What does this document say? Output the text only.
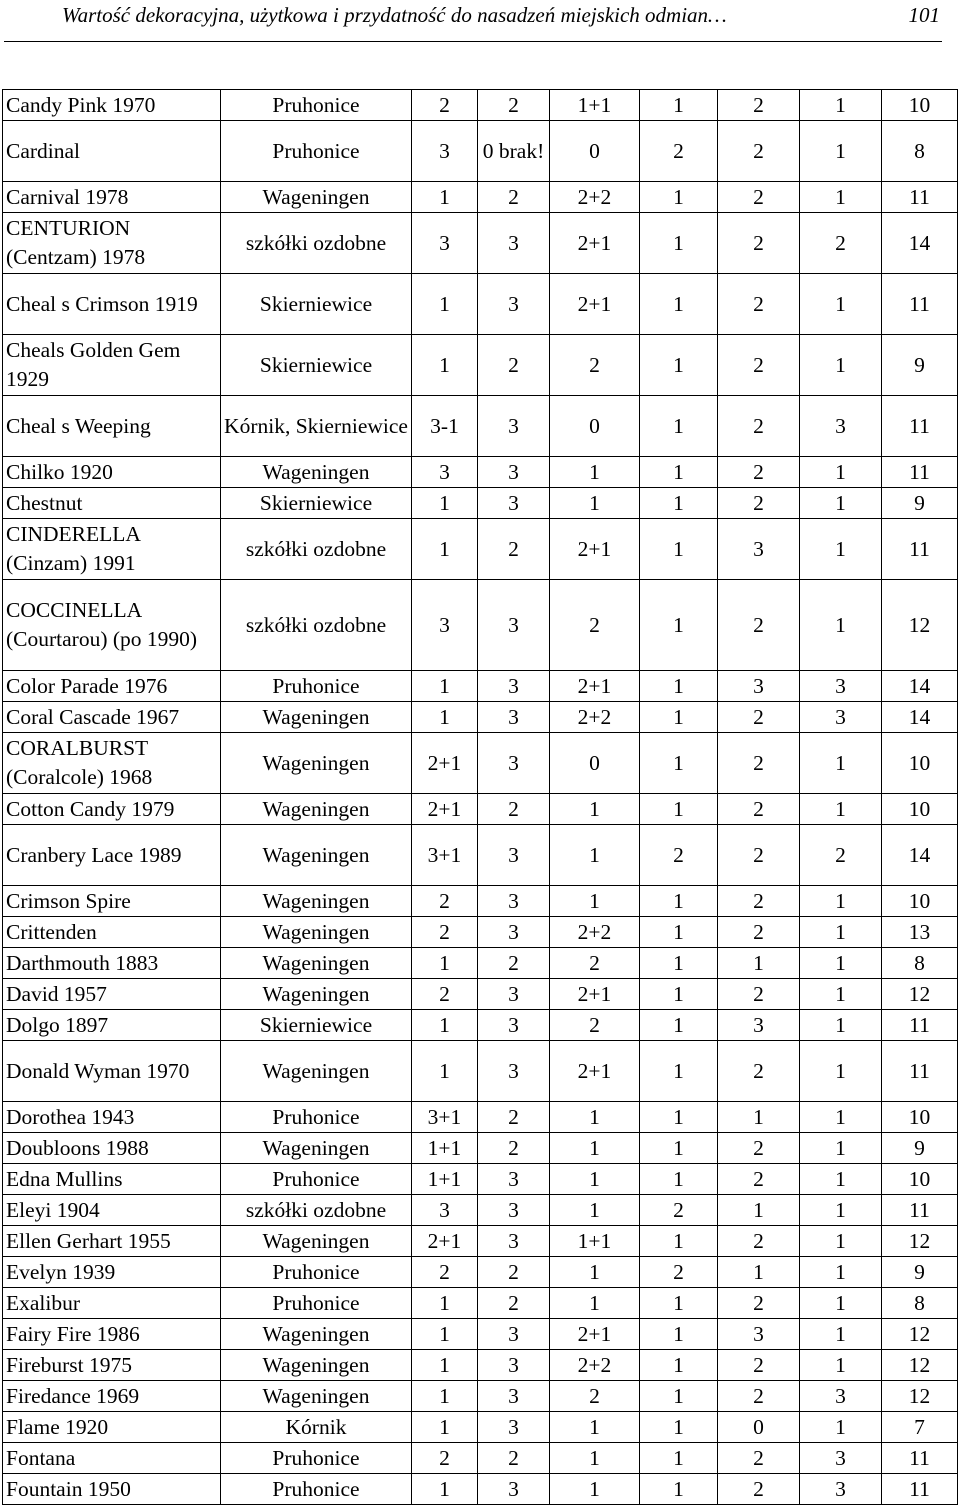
Wartość dekoracyjna, użytkowa i przydatność do nasadzeń miejskich odmian…	101
Candy Pink 1970	Pruhonice	2	2	1+1	1	2	1	10
Cardinal	Pruhonice	3	0 brak!	0	2	2	1	8
Carnival 1978	Wageningen	1	2	2+2	1	2	1	11
CENTURION (Centzam) 1978	szkółki ozdobne	3	3	2+1	1	2	2	14
Cheal s Crimson 1919	Skierniewice	1	3	2+1	1	2	1	11
Cheals Golden Gem 1929	Skierniewice	1	2	2	1	2	1	9
Cheal s Weeping	Kórnik, Skierniewice	3-1	3	0	1	2	3	11
Chilko 1920	Wageningen	3	3	1	1	2	1	11
Chestnut	Skierniewice	1	3	1	1	2	1	9
CINDERELLA (Cinzam) 1991	szkółki ozdobne	1	2	2+1	1	3	1	11
COCCINELLA (Courtarou) (po 1990)	szkółki ozdobne	3	3	2	1	2	1	12
Color Parade 1976	Pruhonice	1	3	2+1	1	3	3	14
Coral Cascade 1967	Wageningen	1	3	2+2	1	2	3	14
CORALBURST (Coralcole) 1968	Wageningen	2+1	3	0	1	2	1	10
Cotton Candy 1979	Wageningen	2+1	2	1	1	2	1	10
Cranbery Lace 1989	Wageningen	3+1	3	1	2	2	2	14
Crimson Spire	Wageningen	2	3	1	1	2	1	10
Crittenden	Wageningen	2	3	2+2	1	2	1	13
Darthmouth 1883	Wageningen	1	2	2	1	1	1	8
David 1957	Wageningen	2	3	2+1	1	2	1	12
Dolgo 1897	Skierniewice	1	3	2	1	3	1	11
Donald Wyman 1970	Wageningen	1	3	2+1	1	2	1	11
Dorothea 1943	Pruhonice	3+1	2	1	1	1	1	10
Doubloons 1988	Wageningen	1+1	2	1	1	2	1	9
Edna Mullins	Pruhonice	1+1	3	1	1	2	1	10
Eleyi 1904	szkółki ozdobne	3	3	1	2	1	1	11
Ellen Gerhart 1955	Wageningen	2+1	3	1+1	1	2	1	12
Evelyn 1939	Pruhonice	2	2	1	2	1	1	9
Exalibur	Pruhonice	1	2	1	1	2	1	8
Fairy Fire 1986	Wageningen	1	3	2+1	1	3	1	12
Fireburst 1975	Wageningen	1	3	2+2	1	2	1	12
Firedance 1969	Wageningen	1	3	2	1	2	3	12
Flame 1920	Kórnik	1	3	1	1	0	1	7
Fontana	Pruhonice	2	2	1	1	2	3	11
Fountain 1950	Pruhonice	1	3	1	1	2	3	11
